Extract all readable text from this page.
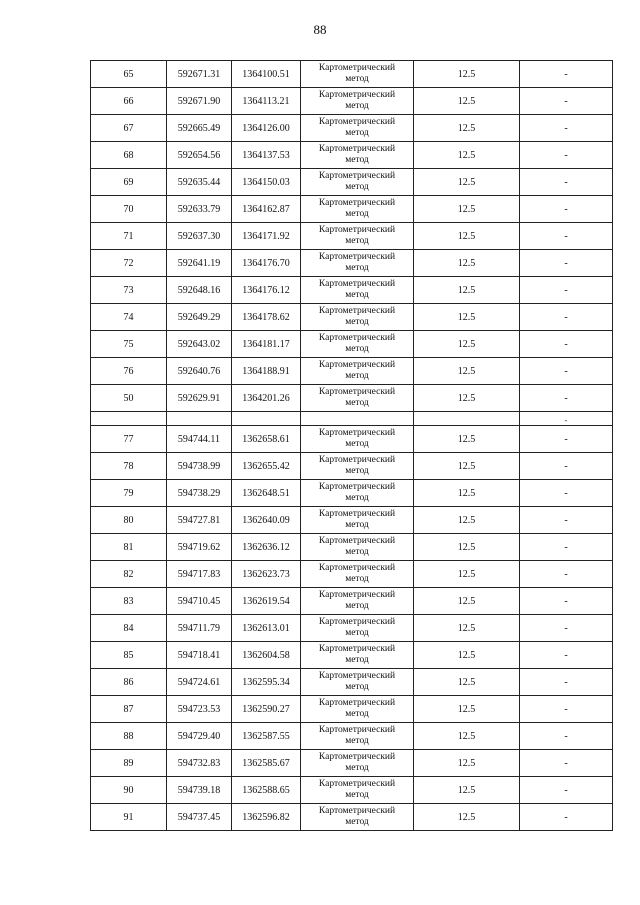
88
65	592671.31	1364100.51	Картометрический
метод	12.5	-
66	592671.90	1364113.21	Картометрический
метод	12.5	-
67	592665.49	1364126.00	Картометрический
метод	12.5	-
68	592654.56	1364137.53	Картометрический
метод	12.5	-
69	592635.44	1364150.03	Картометрический
метод	12.5	-
70	592633.79	1364162.87	Картометрический
метод	12.5	-
71	592637.30	1364171.92	Картометрический
метод	12.5	-
72	592641.19	1364176.70	Картометрический
метод	12.5	-
73	592648.16	1364176.12	Картометрический
метод	12.5	-
74	592649.29	1364178.62	Картометрический
метод	12.5	-
75	592643.02	1364181.17	Картометрический
метод	12.5	-
76	592640.76	1364188.91	Картометрический
метод	12.5	-
50	592629.91	1364201.26	Картометрический
метод	12.5	-
					-
77	594744.11	1362658.61	Картометрический
метод	12.5	-
78	594738.99	1362655.42	Картометрический
метод	12.5	-
79	594738.29	1362648.51	Картометрический
метод	12.5	-
80	594727.81	1362640.09	Картометрический
метод	12.5	-
81	594719.62	1362636.12	Картометрический
метод	12.5	-
82	594717.83	1362623.73	Картометрический
метод	12.5	-
83	594710.45	1362619.54	Картометрический
метод	12.5	-
84	594711.79	1362613.01	Картометрический
метод	12.5	-
85	594718.41	1362604.58	Картометрический
метод	12.5	-
86	594724.61	1362595.34	Картометрический
метод	12.5	-
87	594723.53	1362590.27	Картометрический
метод	12.5	-
88	594729.40	1362587.55	Картометрический
метод	12.5	-
89	594732.83	1362585.67	Картометрический
метод	12.5	-
90	594739.18	1362588.65	Картометрический
метод	12.5	-
91	594737.45	1362596.82	Картометрический
метод	12.5	-
